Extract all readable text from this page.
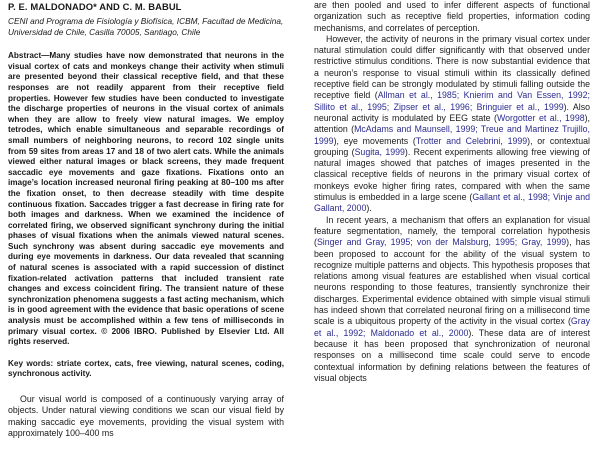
P. E. MALDONADO* AND C. M. BABUL

CENI and Programa de Fisiología y Biofísica, ICBM, Facultad de Medicina, Universidad de Chile, Casilla 70005, Santiago, Chile

Abstract—Many studies have now demonstrated that neurons in the visual cortex of cats and monkeys change their activity when stimuli are presented beyond their classical receptive field, and that these responses are not readily apparent from their receptive field properties. However few studies have been conducted to investigate the discharge properties of neurons in the visual cortex of animals when they are allow to freely view natural images. We employ tetrodes, which enable simultaneous and separable recordings of small numbers of neighboring neurons, to record 102 single units from 59 sites from areas 17 and 18 of two alert cats. While the animals viewed either natural images or black screens, they made frequent saccadic eye movements and gaze fixations. Fixations onto an image’s location increased neuronal firing peaking at 80–100 ms after the fixation onset, to then decrease steadily with time despite continuous fixation. Saccades trigger a fast decrease in firing rate for both images and darkness. When we examined the incidence of correlated firing, we observed significant synchrony during the initial phases of visual fixations when the animals viewed natural scenes. Such synchrony was absent during saccadic eye movements and during eye movements in darkness. Our data revealed that scanning of natural scenes is associated with a rapid succession of distinct fixation-related activation patterns that included transient rate changes and excess coincident firing. The transient nature of these synchronization phenomena suggests a fast acting mechanism, which is in good agreement with the evidence that basic operations of scene analysis must be accomplished within a few tens of milliseconds in primary visual cortex. © 2006 IBRO. Published by Elsevier Ltd. All rights reserved.

Key words: striate cortex, cats, free viewing, natural scenes, coding, synchronous activity.

Our visual world is composed of a continuously varying array of objects. Under natural viewing conditions we scan our visual field by making saccadic eye movements, providing the visual system with approximately 100–400 ms

are then pooled and used to infer different aspects of functional organization such as receptive field properties, information coding mechanisms, and correlates of perception.

However, the activity of neurons in the primary visual cortex under natural stimulation could differ significantly with that observed under restrictive stimulus conditions. There is now substantial evidence that a neuron’s response to visual stimuli within its classically defined receptive field can be strongly modulated by stimuli falling outside the receptive field (Allman et al., 1985; Knierim and Van Essen, 1992; Sillito et al., 1995; Zipser et al., 1996; Bringuier et al., 1999). Also neuronal activity is modulated by EEG state (Worgotter et al., 1998), attention (McAdams and Maunsell, 1999; Treue and Martinez Trujillo, 1999), eye movements (Trotter and Celebrini, 1999), or contextual grouping (Sugita, 1999). Recent experiments allowing free viewing of natural images showed that patches of images presented in the classical receptive fields of neurons in the primary visual cortex of monkeys evoke higher firing rates, compared with when the same stimulus is embedded in a large scene (Gallant et al., 1998; Vinje and Gallant, 2000).

In recent years, a mechanism that offers an explanation for visual feature segmentation, namely, the temporal correlation hypothesis (Singer and Gray, 1995; von der Malsburg, 1995; Gray, 1999), has been proposed to account for the ability of the visual system to recognize multiple patterns and objects. This hypothesis proposes that relations among visual features are established when visual cortical neurons responding to those features, transiently synchronize their discharges. Experimental evidence obtained with simple visual stimuli has indeed shown that correlated neuronal firing on a millisecond time scale is a ubiquitous property of the activity in the visual cortex (Gray et al., 1992; Maldonado et al., 2000). These data are of interest because it has been proposed that synchronization of neuronal responses on a millisecond time scale could serve to encode contextual information by defining relations between the features of visual objects
